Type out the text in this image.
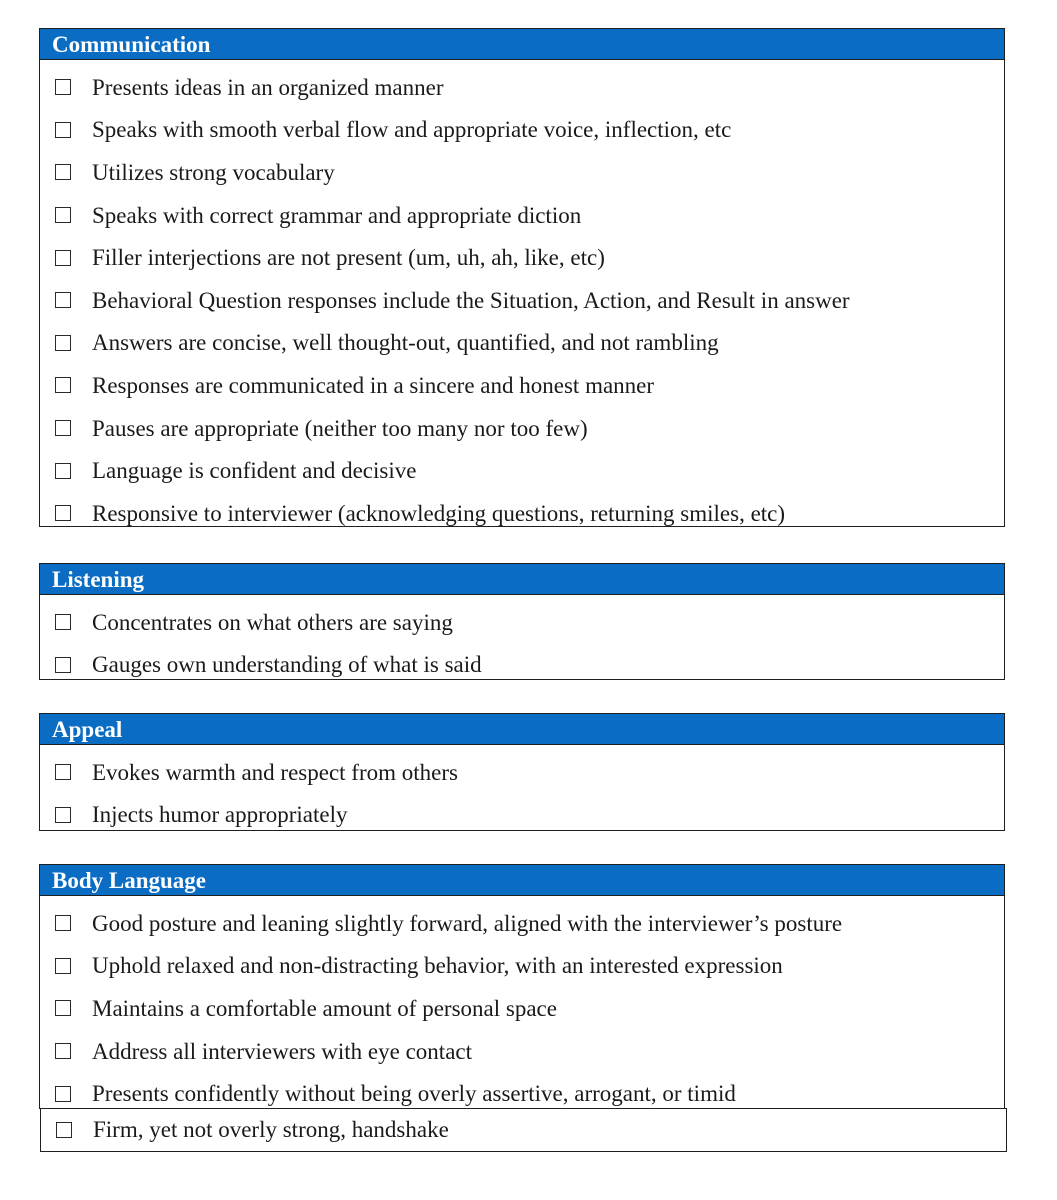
Communication
Presents ideas in an organized manner
Speaks with smooth verbal flow and appropriate voice, inflection, etc
Utilizes strong vocabulary
Speaks with correct grammar and appropriate diction
Filler interjections are not present (um, uh, ah, like, etc)
Behavioral Question responses include the Situation, Action, and Result in answer
Answers are concise, well thought-out, quantified, and not rambling
Responses are communicated in a sincere and honest manner
Pauses are appropriate (neither too many nor too few)
Language is confident and decisive
Responsive to interviewer (acknowledging questions, returning smiles, etc)
Listening
Concentrates on what others are saying
Gauges own understanding of what is said
Appeal
Evokes warmth and respect from others
Injects humor appropriately
Body Language
Good posture and leaning slightly forward, aligned with the interviewer’s posture
Uphold relaxed and non-distracting behavior, with an interested expression
Maintains a comfortable amount of personal space
Address all interviewers with eye contact
Presents confidently without being overly assertive, arrogant, or timid
Firm, yet not overly strong, handshake
